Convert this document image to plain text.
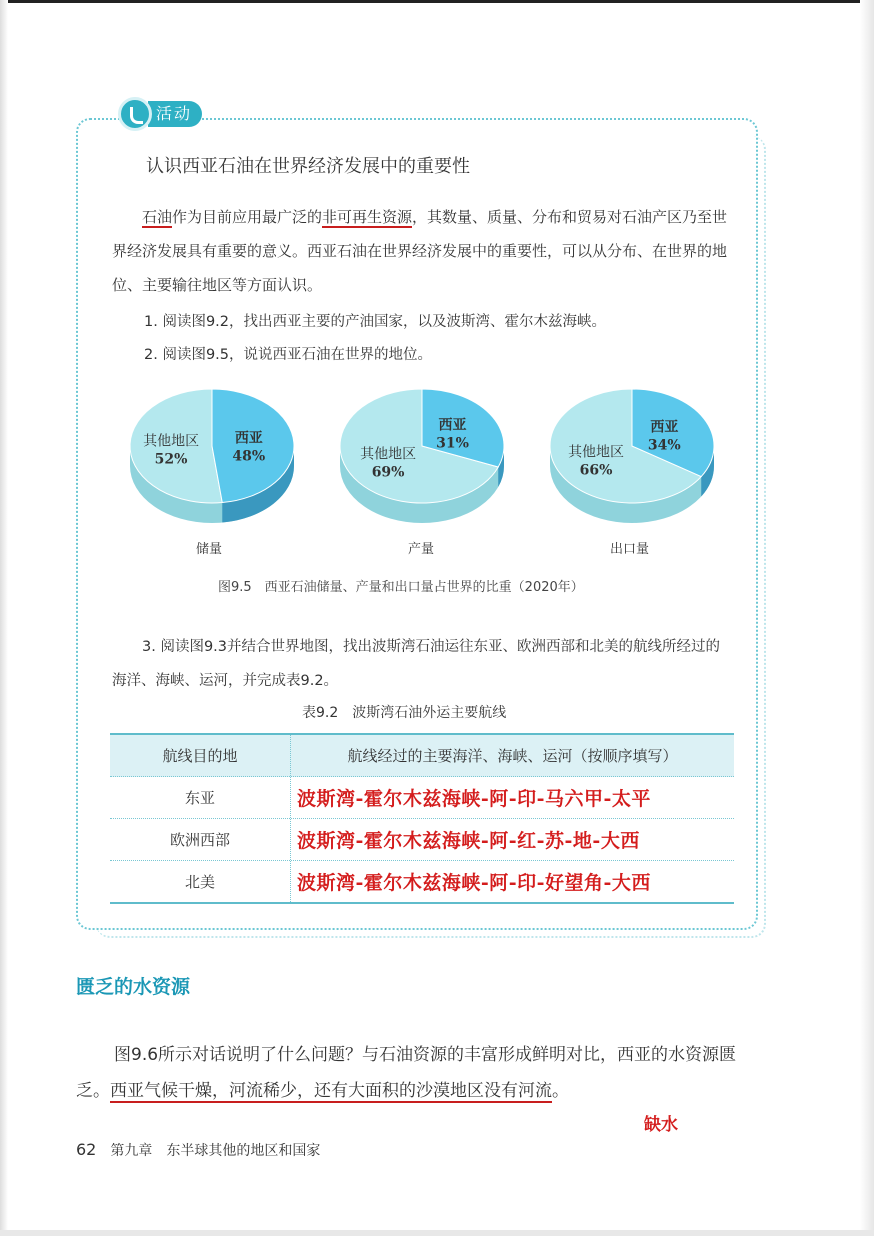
活动
认识西亚石油在世界经济发展中的重要性
石油作为目前应用最广泛的非可再生资源，其数量、质量、分布和贸易对石油产区乃至世界经济发展具有重要的意义。西亚石油在世界经济发展中的重要性，可以从分布、在世界的地位、主要输往地区等方面认识。
1. 阅读图9.2，找出西亚主要的产油国家，以及波斯湾、霍尔木兹海峡。
2. 阅读图9.5，说说西亚石油在世界的地位。
西亚
48%
其他地区
52%
西亚
31%
其他地区
69%
西亚
34%
其他地区
66%
储量	产量	出口量
图9.5　西亚石油储量、产量和出口量占世界的比重（2020年）
3. 阅读图9.3并结合世界地图，找出波斯湾石油运往东亚、欧洲西部和北美的航线所经过的海洋、海峡、运河，并完成表9.2。
表9.2　波斯湾石油外运主要航线
航线目的地	航线经过的主要海洋、海峡、运河（按顺序填写）
东亚	波斯湾-霍尔木兹海峡-阿-印-马六甲-太平
欧洲西部	波斯湾-霍尔木兹海峡-阿-红-苏-地-大西
北美	波斯湾-霍尔木兹海峡-阿-印-好望角-大西
匮乏的水资源
图9.6所示对话说明了什么问题？与石油资源的丰富形成鲜明对比，西亚的水资源匮乏。西亚气候干燥，河流稀少，还有大面积的沙漠地区没有河流。
缺水
62 第九章　东半球其他的地区和国家
